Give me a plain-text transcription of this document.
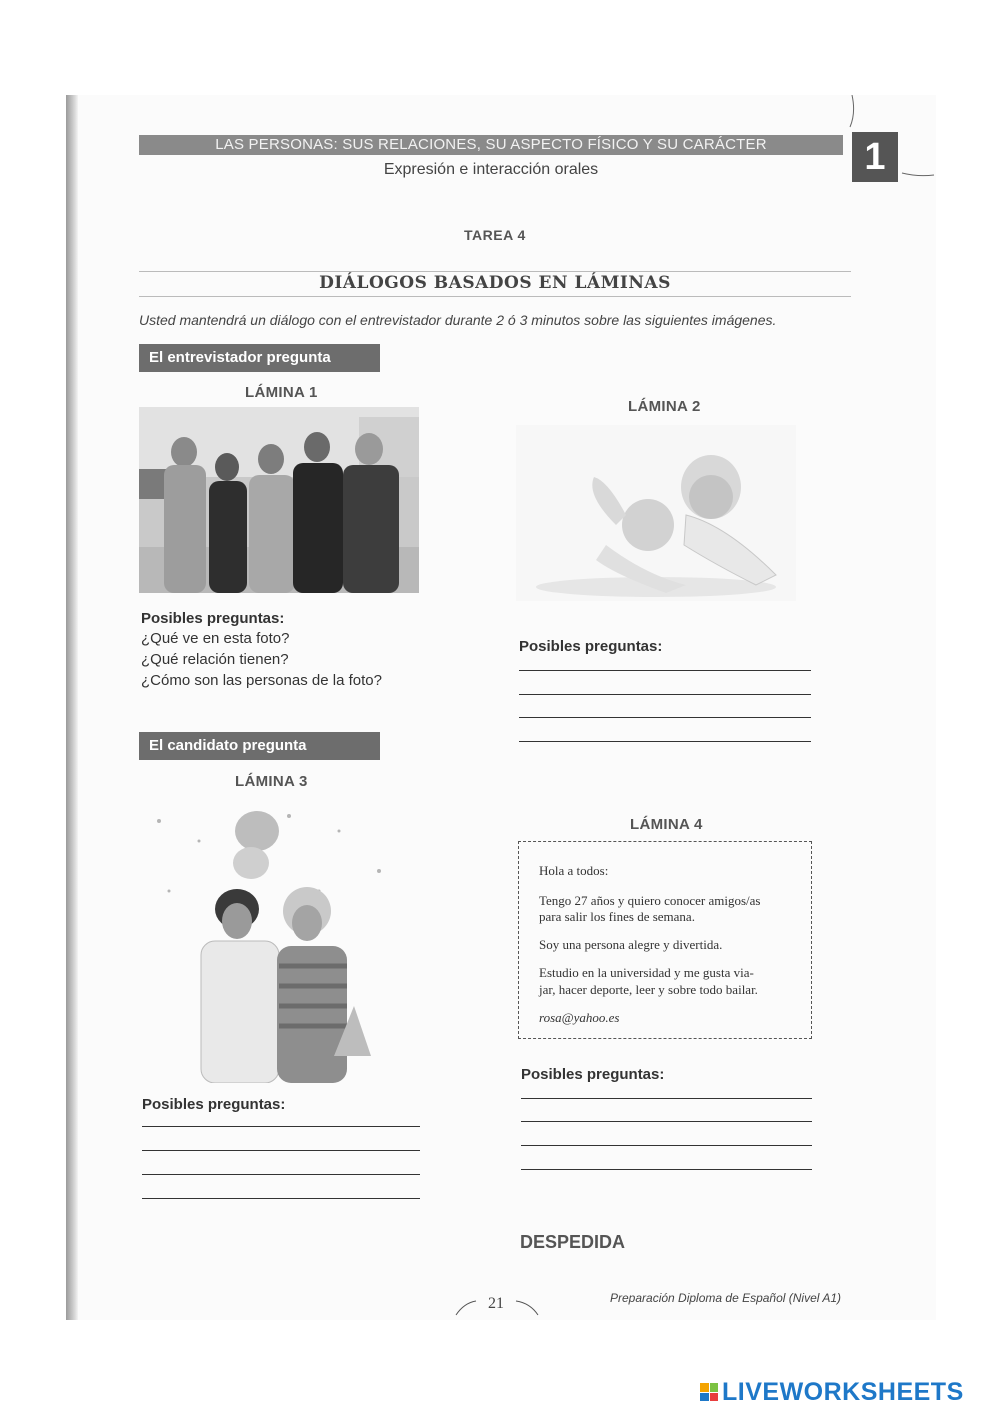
LAS PERSONAS: SUS RELACIONES, SU ASPECTO FÍSICO Y SU CARÁCTER
Expresión e interacción orales	1
TAREA 4
DIÁLOGOS BASADOS EN LÁMINAS
Usted mantendrá un diálogo con el entrevistador durante 2 ó 3 minutos sobre las siguientes imágenes.
El entrevistador pregunta
LÁMINA 1
Posibles preguntas:
¿Qué ve en esta foto?
¿Qué relación tienen?
¿Cómo son las personas de la foto?
El candidato pregunta
LÁMINA 3
Posibles preguntas:
LÁMINA 2
Posibles preguntas:
LÁMINA 4

Hola a todos:

Tengo 27 años y quiero conocer amigos/as

para salir los fines de semana.

Soy una persona alegre y divertida.

Estudio en la universidad y me gusta via-

jar, hacer deporte, leer y sobre todo bailar.

rosa@yahoo.es

Posibles preguntas:
DESPEDIDA
21	Preparación Diploma de Español (Nivel A1)
LIVEWORKSHEETS
